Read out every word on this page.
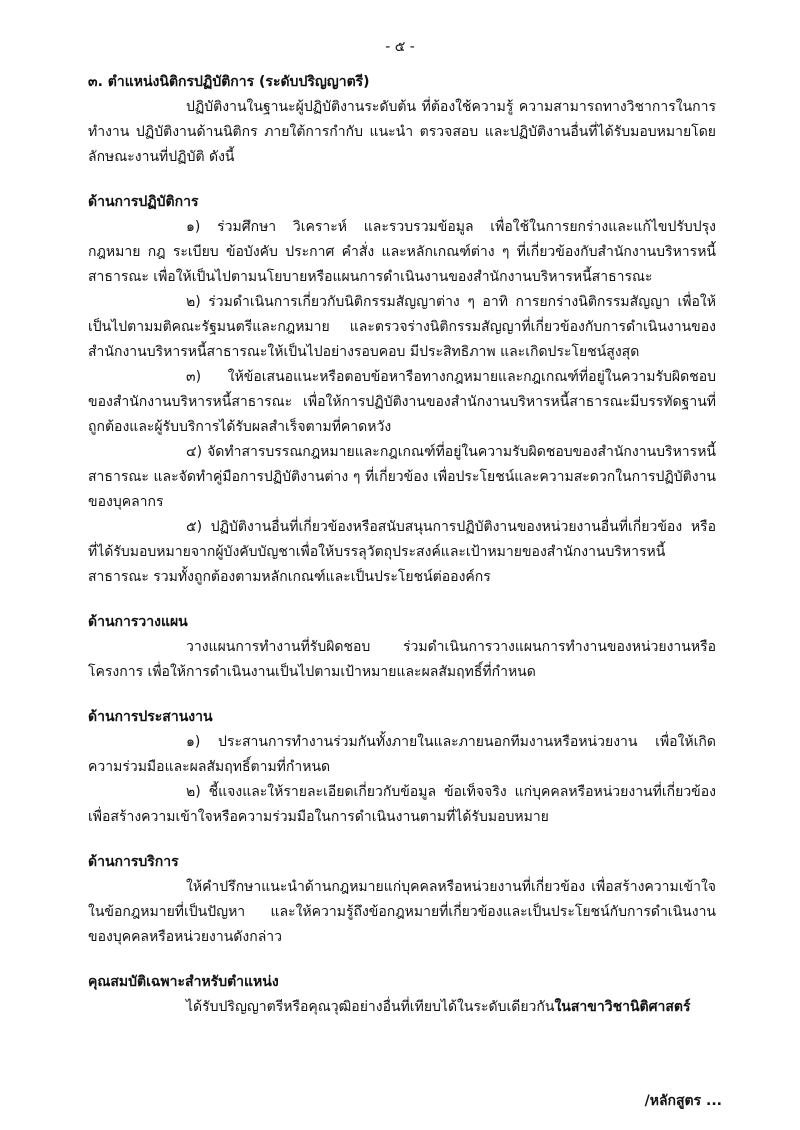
- ๕ -

๓. ตำแหน่งนิติกรปฏิบัติการ (ระดับปริญญาตรี)

ปฏิบัติงานในฐานะผู้ปฏิบัติงานระดับต้น ที่ต้องใช้ความรู้ ความสามารถทางวิชาการในการทำงาน ปฏิบัติงานด้านนิติกร ภายใต้การกำกับ แนะนำ ตรวจสอบ และปฏิบัติงานอื่นที่ได้รับมอบหมายโดยลักษณะงานที่ปฏิบัติ ดังนี้

ด้านการปฏิบัติการ

๑) ร่วมศึกษา วิเคราะห์ และรวบรวมข้อมูล เพื่อใช้ในการยกร่างและแก้ไขปรับปรุงกฎหมาย กฎ ระเบียบ ข้อบังคับ ประกาศ คำสั่ง และหลักเกณฑ์ต่าง ๆ ที่เกี่ยวข้องกับสำนักงานบริหารหนี้สาธารณะ เพื่อให้เป็นไปตามนโยบายหรือแผนการดำเนินงานของสำนักงานบริหารหนี้สาธารณะ

๒) ร่วมดำเนินการเกี่ยวกับนิติกรรมสัญญาต่าง ๆ อาทิ การยกร่างนิติกรรมสัญญา เพื่อให้เป็นไปตามมติคณะรัฐมนตรีและกฎหมาย และตรวจร่างนิติกรรมสัญญาที่เกี่ยวข้องกับการดำเนินงานของสำนักงานบริหารหนี้สาธารณะให้เป็นไปอย่างรอบคอบ มีประสิทธิภาพ และเกิดประโยชน์สูงสุด

๓) ให้ข้อเสนอแนะหรือตอบข้อหารือทางกฎหมายและกฎเกณฑ์ที่อยู่ในความรับผิดชอบของสำนักงานบริหารหนี้สาธารณะ เพื่อให้การปฏิบัติงานของสำนักงานบริหารหนี้สาธารณะมีบรรทัดฐานที่ถูกต้องและผู้รับบริการได้รับผลสำเร็จตามที่คาดหวัง

๔) จัดทำสารบรรณกฎหมายและกฎเกณฑ์ที่อยู่ในความรับผิดชอบของสำนักงานบริหารหนี้สาธารณะ และจัดทำคู่มือการปฏิบัติงานต่าง ๆ ที่เกี่ยวข้อง เพื่อประโยชน์และความสะดวกในการปฏิบัติงานของบุคลากร

๕) ปฏิบัติงานอื่นที่เกี่ยวข้องหรือสนับสนุนการปฏิบัติงานของหน่วยงานอื่นที่เกี่ยวข้อง หรือที่ได้รับมอบหมายจากผู้บังคับบัญชาเพื่อให้บรรลุวัตถุประสงค์และเป้าหมายของสำนักงานบริหารหนี้สาธารณะ รวมทั้งถูกต้องตามหลักเกณฑ์และเป็นประโยชน์ต่อองค์กร

ด้านการวางแผน

วางแผนการทำงานที่รับผิดชอบ ร่วมดำเนินการวางแผนการทำงานของหน่วยงานหรือโครงการ เพื่อให้การดำเนินงานเป็นไปตามเป้าหมายและผลสัมฤทธิ์ที่กำหนด

ด้านการประสานงาน

๑) ประสานการทำงานร่วมกันทั้งภายในและภายนอกทีมงานหรือหน่วยงาน เพื่อให้เกิดความร่วมมือและผลสัมฤทธิ์ตามที่กำหนด

๒) ชี้แจงและให้รายละเอียดเกี่ยวกับข้อมูล ข้อเท็จจริง แก่บุคคลหรือหน่วยงานที่เกี่ยวข้อง เพื่อสร้างความเข้าใจหรือความร่วมมือในการดำเนินงานตามที่ได้รับมอบหมาย

ด้านการบริการ

ให้คำปรึกษาแนะนำด้านกฎหมายแก่บุคคลหรือหน่วยงานที่เกี่ยวข้อง เพื่อสร้างความเข้าใจในข้อกฎหมายที่เป็นปัญหา และให้ความรู้ถึงข้อกฎหมายที่เกี่ยวข้องและเป็นประโยชน์กับการดำเนินงานของบุคคลหรือหน่วยงานดังกล่าว

คุณสมบัติเฉพาะสำหรับตำแหน่ง

ได้รับปริญญาตรีหรือคุณวุฒิอย่างอื่นที่เทียบได้ในระดับเดียวกันในสาขาวิชานิติศาสตร์

/หลักสูตร ...
